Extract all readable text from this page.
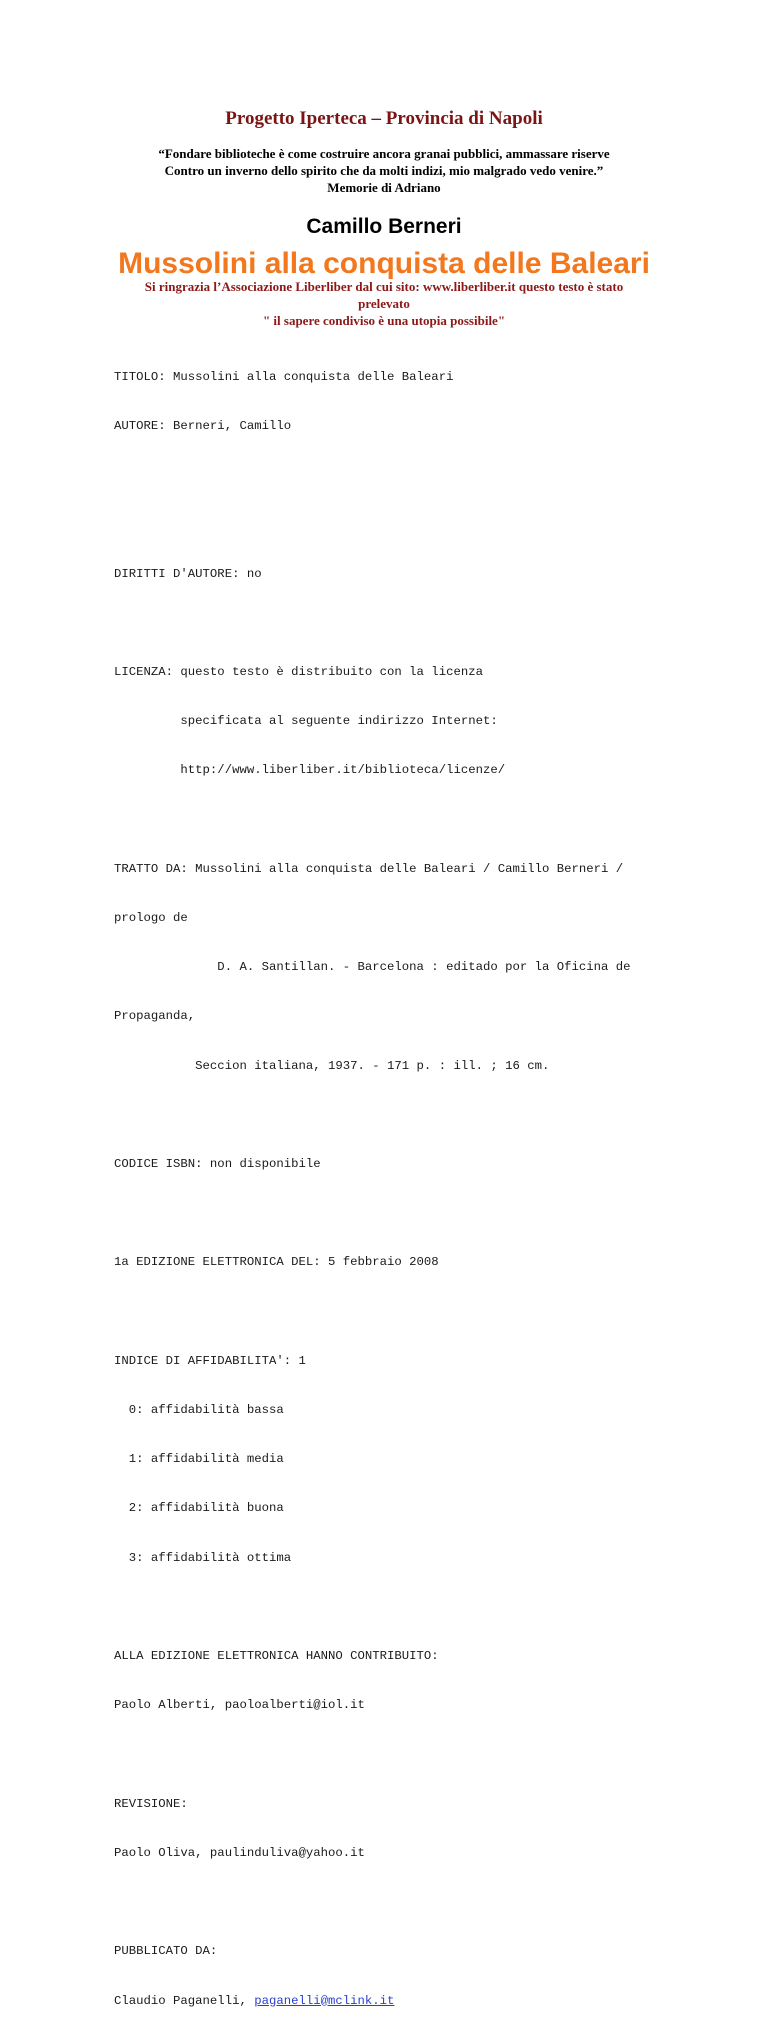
Progetto Iperteca – Provincia di Napoli
“Fondare biblioteche è come costruire ancora granai pubblici, ammassare riserve
Contro un inverno dello spirito che da molti indizi, mio malgrado vedo venire.”
Memorie di Adriano
Camillo Berneri
Mussolini alla conquista delle Baleari
Si ringrazia l’Associazione Liberliber dal cui sito: www.liberliber.it questo testo è stato
prelevato
" il sapere condiviso è una utopia possibile"

TITOLO: Mussolini alla conquista delle Baleari

AUTORE: Berneri, Camillo

DIRITTI D'AUTORE: no

LICENZA: questo testo è distribuito con la licenza

specificata al seguente indirizzo Internet:

http://www.liberliber.it/biblioteca/licenze/

TRATTO DA: Mussolini alla conquista delle Baleari / Camillo Berneri /

prologo de

D. A. Santillan. - Barcelona : editado por la Oficina de

Propaganda,

Seccion italiana, 1937. - 171 p. : ill. ; 16 cm.

CODICE ISBN: non disponibile

1a EDIZIONE ELETTRONICA DEL: 5 febbraio 2008

INDICE DI AFFIDABILITA': 1

0: affidabilità bassa

1: affidabilità media

2: affidabilità buona

3: affidabilità ottima

ALLA EDIZIONE ELETTRONICA HANNO CONTRIBUITO:

Paolo Alberti, paoloalberti@iol.it

REVISIONE:

Paolo Oliva, paulinduliva@yahoo.it

PUBBLICATO DA:

Claudio Paganelli, paganelli@mclink.it
